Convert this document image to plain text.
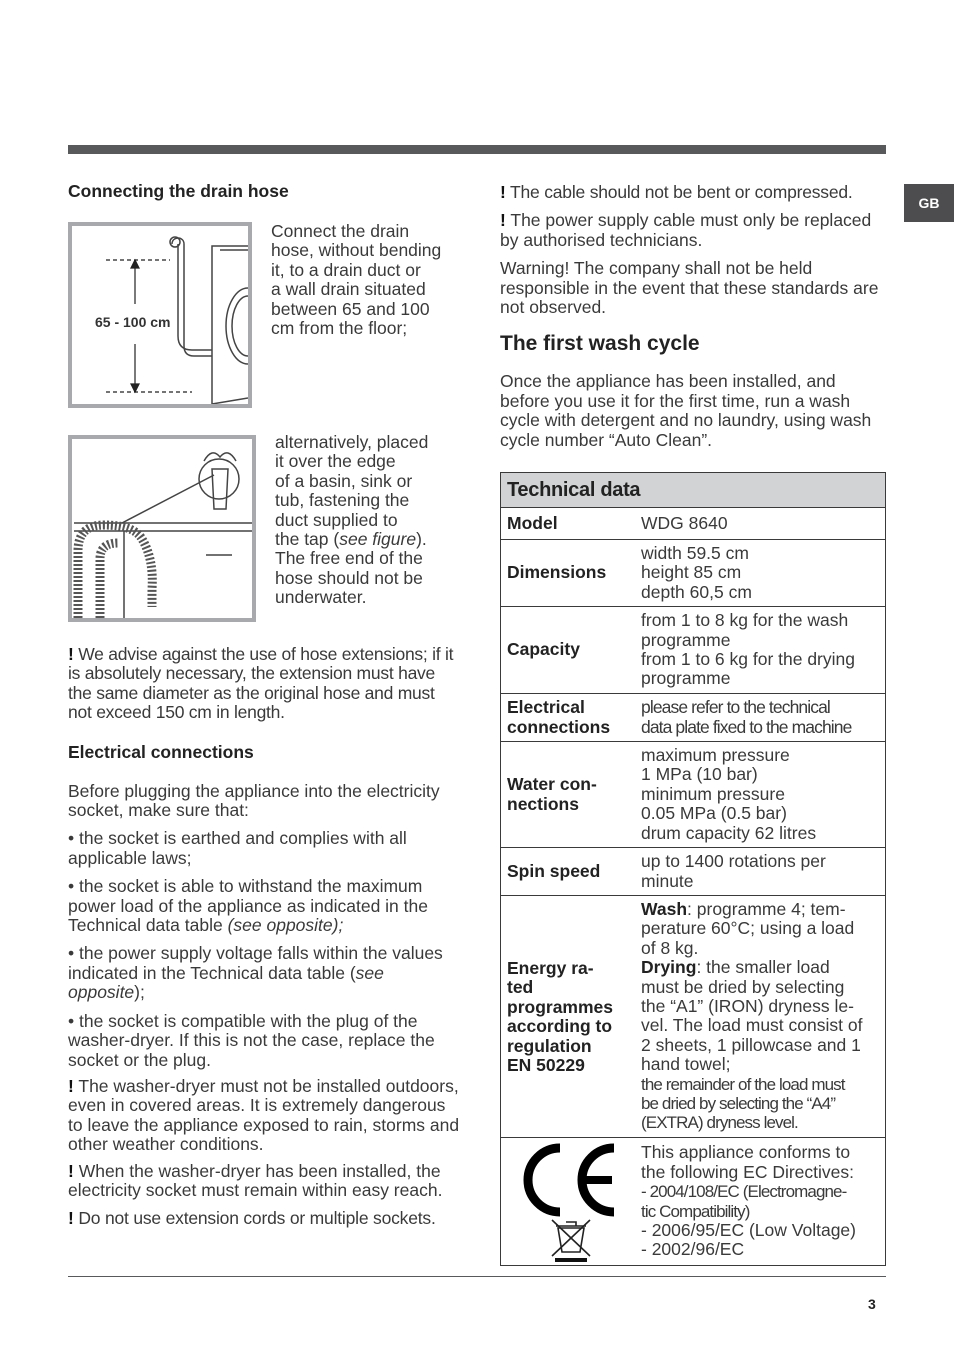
GB

Connecting the drain hose

65 - 100 cm
Connect the drain
hose, without bending
it, to a drain duct or
a wall drain situated
between 65 and 100
cm from the floor;
alternatively, placed
it over the edge
of a basin, sink or
tub, fastening the
duct supplied to
the tap (see figure).
The free end of the
hose should not be
underwater.

! We advise against the use of hose extensions; if it is absolutely necessary, the extension must have the same diameter as the original hose and must not exceed 150 cm in length.

Electrical connections

Before plugging the appliance into the electricity socket, make sure that:

• the socket is earthed and complies with all applicable laws;

• the socket is able to withstand the maximum power load of the appliance as indicated in the Technical data table (see opposite);

• the power supply voltage falls within the values indicated in the Technical data table (see opposite);

• the socket is compatible with the plug of the washer-dryer. If this is not the case, replace the socket or the plug.

! The washer-dryer must not be installed outdoors, even in covered areas. It is extremely dangerous to leave the appliance exposed to rain, storms and other weather conditions.

! When the washer-dryer has been installed, the electricity socket must remain within easy reach.

! Do not use extension cords or multiple sockets.

! The cable should not be bent or compressed.

! The power supply cable must only be replaced by authorised technicians.

Warning! The company shall not be held responsible in the event that these standards are not observed.

The first wash cycle

Once the appliance has been installed, and before you use it for the first time, run a wash cycle with detergent and no laundry, using wash cycle number “Auto Clean”.

Technical data
Model	WDG 8640
Dimensions
width 59.5 cm
height 85 cm
depth 60,5 cm
Capacity
from 1 to 8 kg for the wash
programme
from 1 to 6 kg for the drying
programme
Electrical
connections
please refer to the technical
data plate fixed to the machine
Water con-
nections
maximum pressure
1 MPa (10 bar)
minimum pressure
0.05 MPa (0.5 bar)
drum capacity 62 litres
Spin speed	up to 1400 rotations per
minute
Energy ra-
ted
programmes
according to
regulation
EN 50229
Wash: programme 4; tem-
perature 60°C; using a load
of 8 kg.
Drying: the smaller load
must be dried by selecting
the “A1” (IRON) dryness le-
vel. The load must consist of
2 sheets, 1 pillowcase and 1
hand towel;
the remainder of the load must
be dried by selecting the “A4”
(EXTRA) dryness level.
This appliance conforms to
the following EC Directives:
- 2004/108/EC (Electromagne-
tic Compatibility)
- 2006/95/EC (Low Voltage)
- 2002/96/EC
3
